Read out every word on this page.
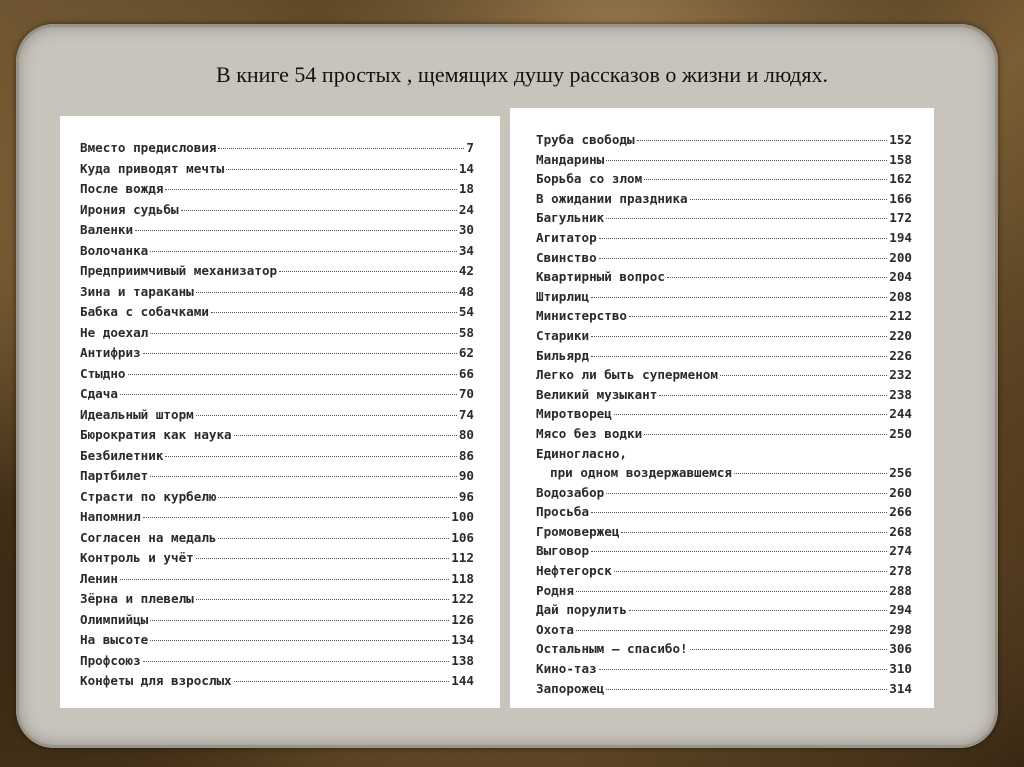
В книге 54 простых , щемящих душу рассказов о жизни и людях.
Вместо предисловия	7
Куда приводят мечты	14
После вождя	18
Ирония судьбы	24
Валенки	30
Волочанка	34
Предприимчивый механизатор	42
Зина и тараканы	48
Бабка с собачками	54
Не доехал	58
Антифриз	62
Стыдно	66
Сдача	70
Идеальный шторм	74
Бюрократия как наука	80
Безбилетник	86
Партбилет	90
Страсти по курбелю	96
Напомнил	100
Согласен на медаль	106
Контроль и учёт	112
Ленин	118
Зёрна и плевелы	122
Олимпийцы	126
На высоте	134
Профсоюз	138
Конфеты для взрослых	144
Труба свободы	152
Мандарины	158
Борьба со злом	162
В ожидании праздника	166
Багульник	172
Агитатор	194
Свинство	200
Квартирный вопрос	204
Штирлиц	208
Министерство	212
Старики	220
Бильярд	226
Легко ли быть суперменом	232
Великий музыкант	238
Миротворец	244
Мясо без водки	250
Единогласно,
при одном воздержавшемся	256
Водозабор	260
Просьба	266
Громовержец	268
Выговор	274
Нефтегорск	278
Родня	288
Дай порулить	294
Охота	298
Остальным — спасибо!	306
Кино-таз	310
Запорожец	314
